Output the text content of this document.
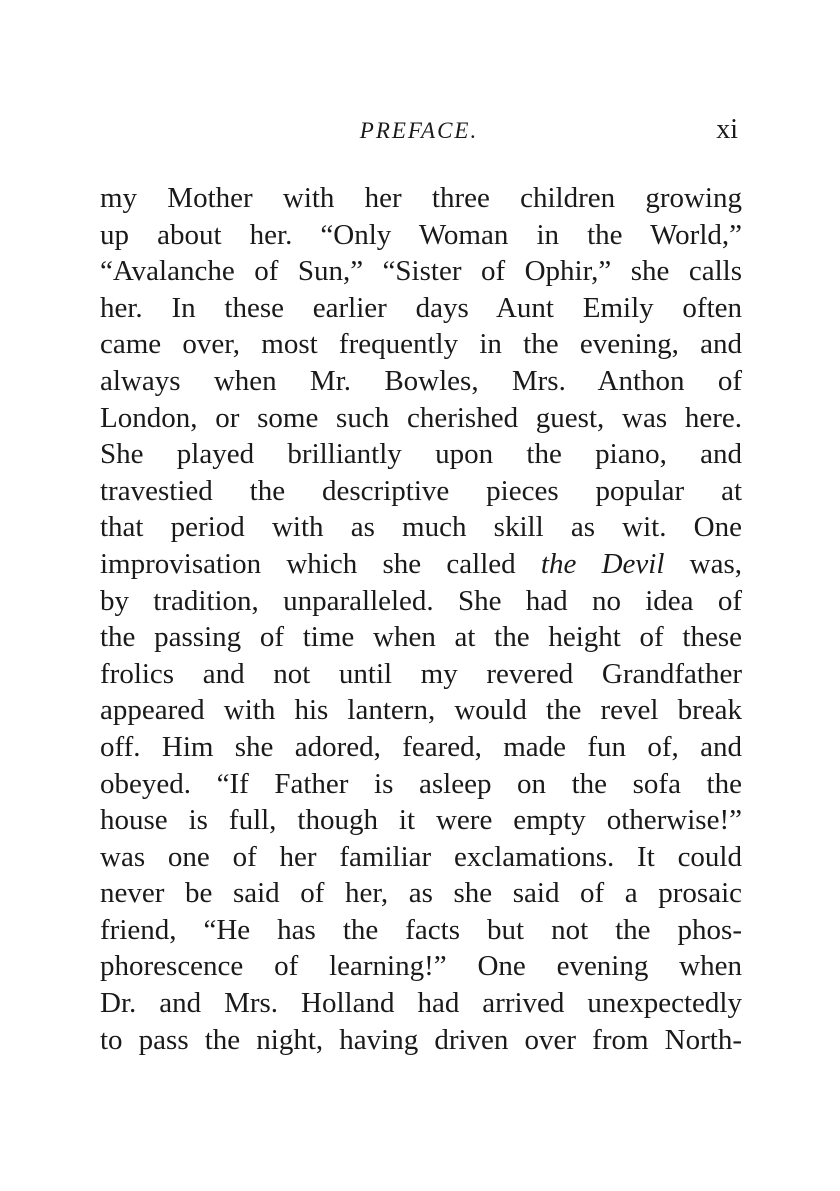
PREFACE.	xi
my Mother with her three children growing
up about her. “Only Woman in the World,”
“Avalanche of Sun,” “Sister of Ophir,” she calls
her. In these earlier days Aunt Emily often
came over, most frequently in the evening, and
always when Mr. Bowles, Mrs. Anthon of
London, or some such cherished guest, was here.
She played brilliantly upon the piano, and
travestied the descriptive pieces popular at
that period with as much skill as wit. One
improvisation which she called the Devil was,
by tradition, unparalleled. She had no idea of
the passing of time when at the height of these
frolics and not until my revered Grandfather
appeared with his lantern, would the revel break
off. Him she adored, feared, made fun of, and
obeyed. “If Father is asleep on the sofa the
house is full, though it were empty otherwise!”
was one of her familiar exclamations. It could
never be said of her, as she said of a prosaic
friend, “He has the facts but not the phos-
phorescence of learning!” One evening when
Dr. and Mrs. Holland had arrived unexpectedly
to pass the night, having driven over from North-
